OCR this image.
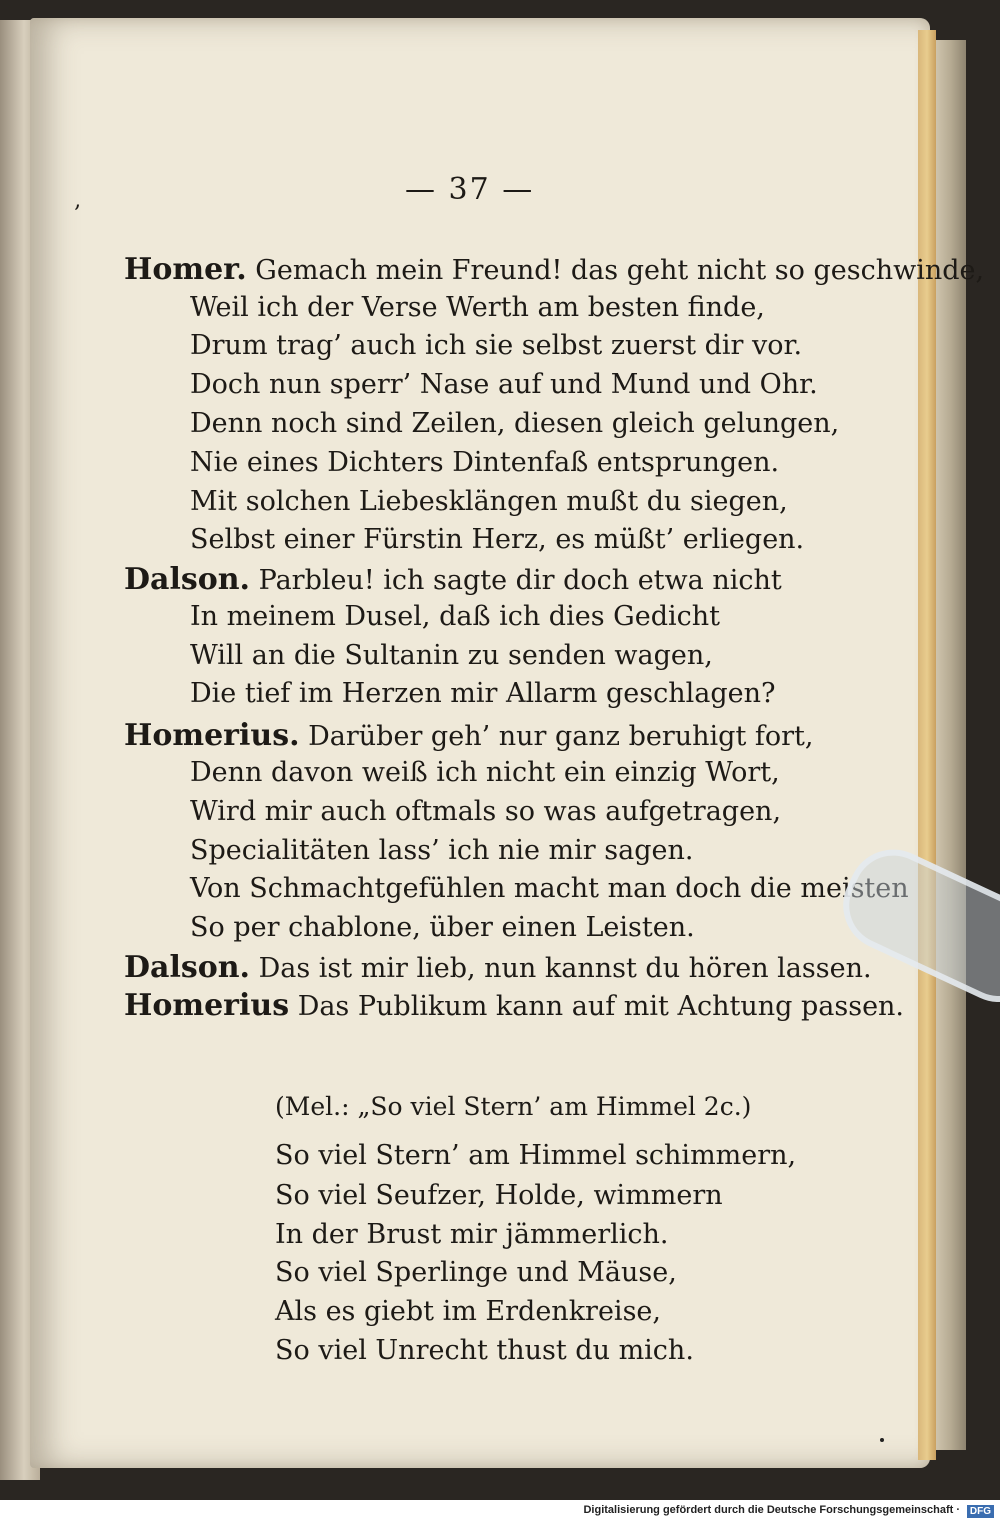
‚	— 37 —
Homer. Gemach mein Freund! das geht nicht so geschwinde,
Weil ich der Verse Werth am besten finde,
Drum trag’ auch ich sie selbst zuerst dir vor.
Doch nun sperr’ Nase auf und Mund und Ohr.
Denn noch sind Zeilen, diesen gleich gelungen,
Nie eines Dichters Dintenfaß entsprungen.
Mit solchen Liebesklängen mußt du siegen,
Selbst einer Fürstin Herz, es müßt’ erliegen.
Dalson. Parbleu! ich sagte dir doch etwa nicht
In meinem Dusel, daß ich dies Gedicht
Will an die Sultanin zu senden wagen,
Die tief im Herzen mir Allarm geschlagen?
Homerius. Darüber geh’ nur ganz beruhigt fort,
Denn davon weiß ich nicht ein einzig Wort,
Wird mir auch oftmals so was aufgetragen,
Specialitäten lass’ ich nie mir sagen.
Von Schmachtgefühlen macht man doch die meisten
So per chablone, über einen Leisten.
Dalson. Das ist mir lieb, nun kannst du hören lassen.
Homerius Das Publikum kann auf mit Achtung passen.
(Mel.: „So viel Stern’ am Himmel 2c.)
So viel Stern’ am Himmel schimmern,
So viel Seufzer, Holde, wimmern
In der Brust mir jämmerlich.
So viel Sperlinge und Mäuse,
Als es giebt im Erdenkreise,
So viel Unrecht thust du mich.
Digitalisierung gefördert durch die Deutsche Forschungsgemeinschaft · DFG
